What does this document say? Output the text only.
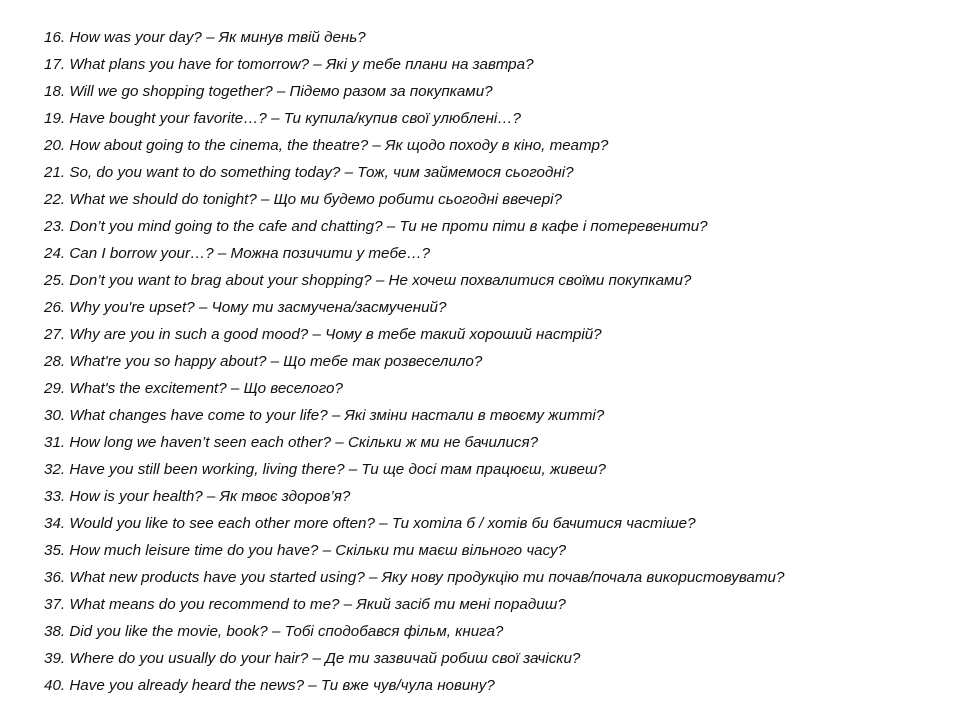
16. How was your day? – Як минув твій день?
17. What plans you have for tomorrow? – Які у тебе плани на завтра?
18. Will we go shopping together? – Підемо разом за покупками?
19. Have bought your favorite…? – Ти купила/купив свої улюблені…?
20. How about going to the cinema, the theatre? – Як щодо походу в кіно, театр?
21. So, do you want to do something today? – Тож, чим займемося сьогодні?
22. What we should do tonight? – Що ми будемо робити сьогодні ввечері?
23. Don’t you mind going to the cafe and chatting? – Ти не проти піти в кафе і потеревенити?
24. Can I borrow your…? – Можна позичити у тебе…?
25. Don’t you want to brag about your shopping? – Не хочеш похвалитися своїми покупками?
26. Why you're upset? – Чому ти засмучена/засмучений?
27. Why are you in such a good mood? – Чому в тебе такий хороший настрій?
28. What're you so happy about? – Що тебе так розвеселило?
29. What's the excitement? – Що веселого?
30. What changes have come to your life? – Які зміни настали в твоєму житті?
31. How long we haven’t seen each other? – Скільки ж ми не бачилися?
32. Have you still been working, living there? – Ти ще досі там працюєш, живеш?
33. How is your health? – Як твоє здоров’я?
34. Would you like to see each other more often? – Ти хотіла б / хотів би бачитися частіше?
35. How much leisure time do you have? – Скільки ти маєш вільного часу?
36. What new products have you started using? – Яку нову продукцію ти почав/почала використовувати?
37. What means do you recommend to me? – Який засіб ти мені порадиш?
38. Did you like the movie, book? – Тобі сподобався фільм, книга?
39. Where do you usually do your hair? – Де ти зазвичай робиш свої зачіски?
40. Have you already heard the news? – Ти вже чув/чула новину?
